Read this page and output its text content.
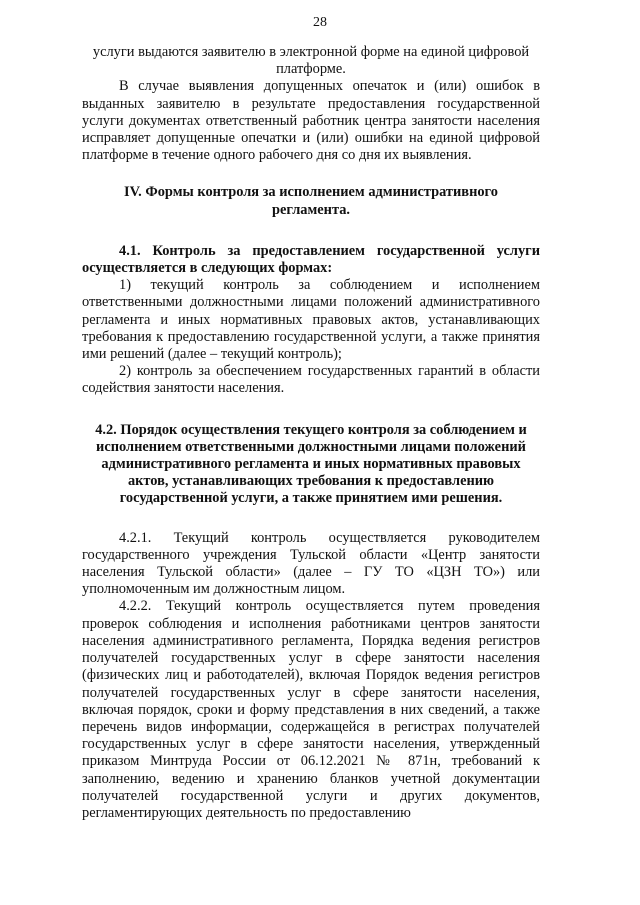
28

услуги выдаются заявителю в электронной форме на единой цифровой

платформе.

В случае выявления допущенных опечаток и (или) ошибок в выданных заявителю в результате предоставления государственной услуги документах ответственный работник центра занятости населения исправляет допущенные опечатки и (или) ошибки на единой цифровой платформе в течение одного рабочего дня со дня их выявления.

IV. Формы контроля за исполнением административного регламента.

4.1. Контроль за предоставлением государственной услуги осуществляется в следующих формах:

1) текущий контроль за соблюдением и исполнением ответственными должностными лицами положений административного регламента и иных нормативных правовых актов, устанавливающих требования к предоставлению государственной услуги, а также принятия ими решений (далее – текущий контроль);

2) контроль за обеспечением государственных гарантий в области содействия занятости населения.

4.2. Порядок осуществления текущего контроля за соблюдением и исполнением ответственными должностными лицами положений административного регламента и иных нормативных правовых актов, устанавливающих требования к предоставлению государственной услуги, а также принятием ими решения.

4.2.1. Текущий контроль осуществляется руководителем государственного учреждения Тульской области «Центр занятости населения Тульской области» (далее – ГУ ТО «ЦЗН ТО») или уполномоченным им должностным лицом.

4.2.2. Текущий контроль осуществляется путем проведения проверок соблюдения и исполнения работниками центров занятости населения административного регламента, Порядка ведения регистров получателей государственных услуг в сфере занятости населения (физических лиц и работодателей), включая Порядок ведения регистров получателей государственных услуг в сфере занятости населения, включая порядок, сроки и форму представления в них сведений, а также перечень видов информации, содержащейся в регистрах получателей государственных услуг в сфере занятости населения, утвержденный приказом Минтруда России от 06.12.2021 № 871н, требований к заполнению, ведению и хранению бланков учетной документации получателей государственной услуги и других документов, регламентирующих деятельность по предоставлению
